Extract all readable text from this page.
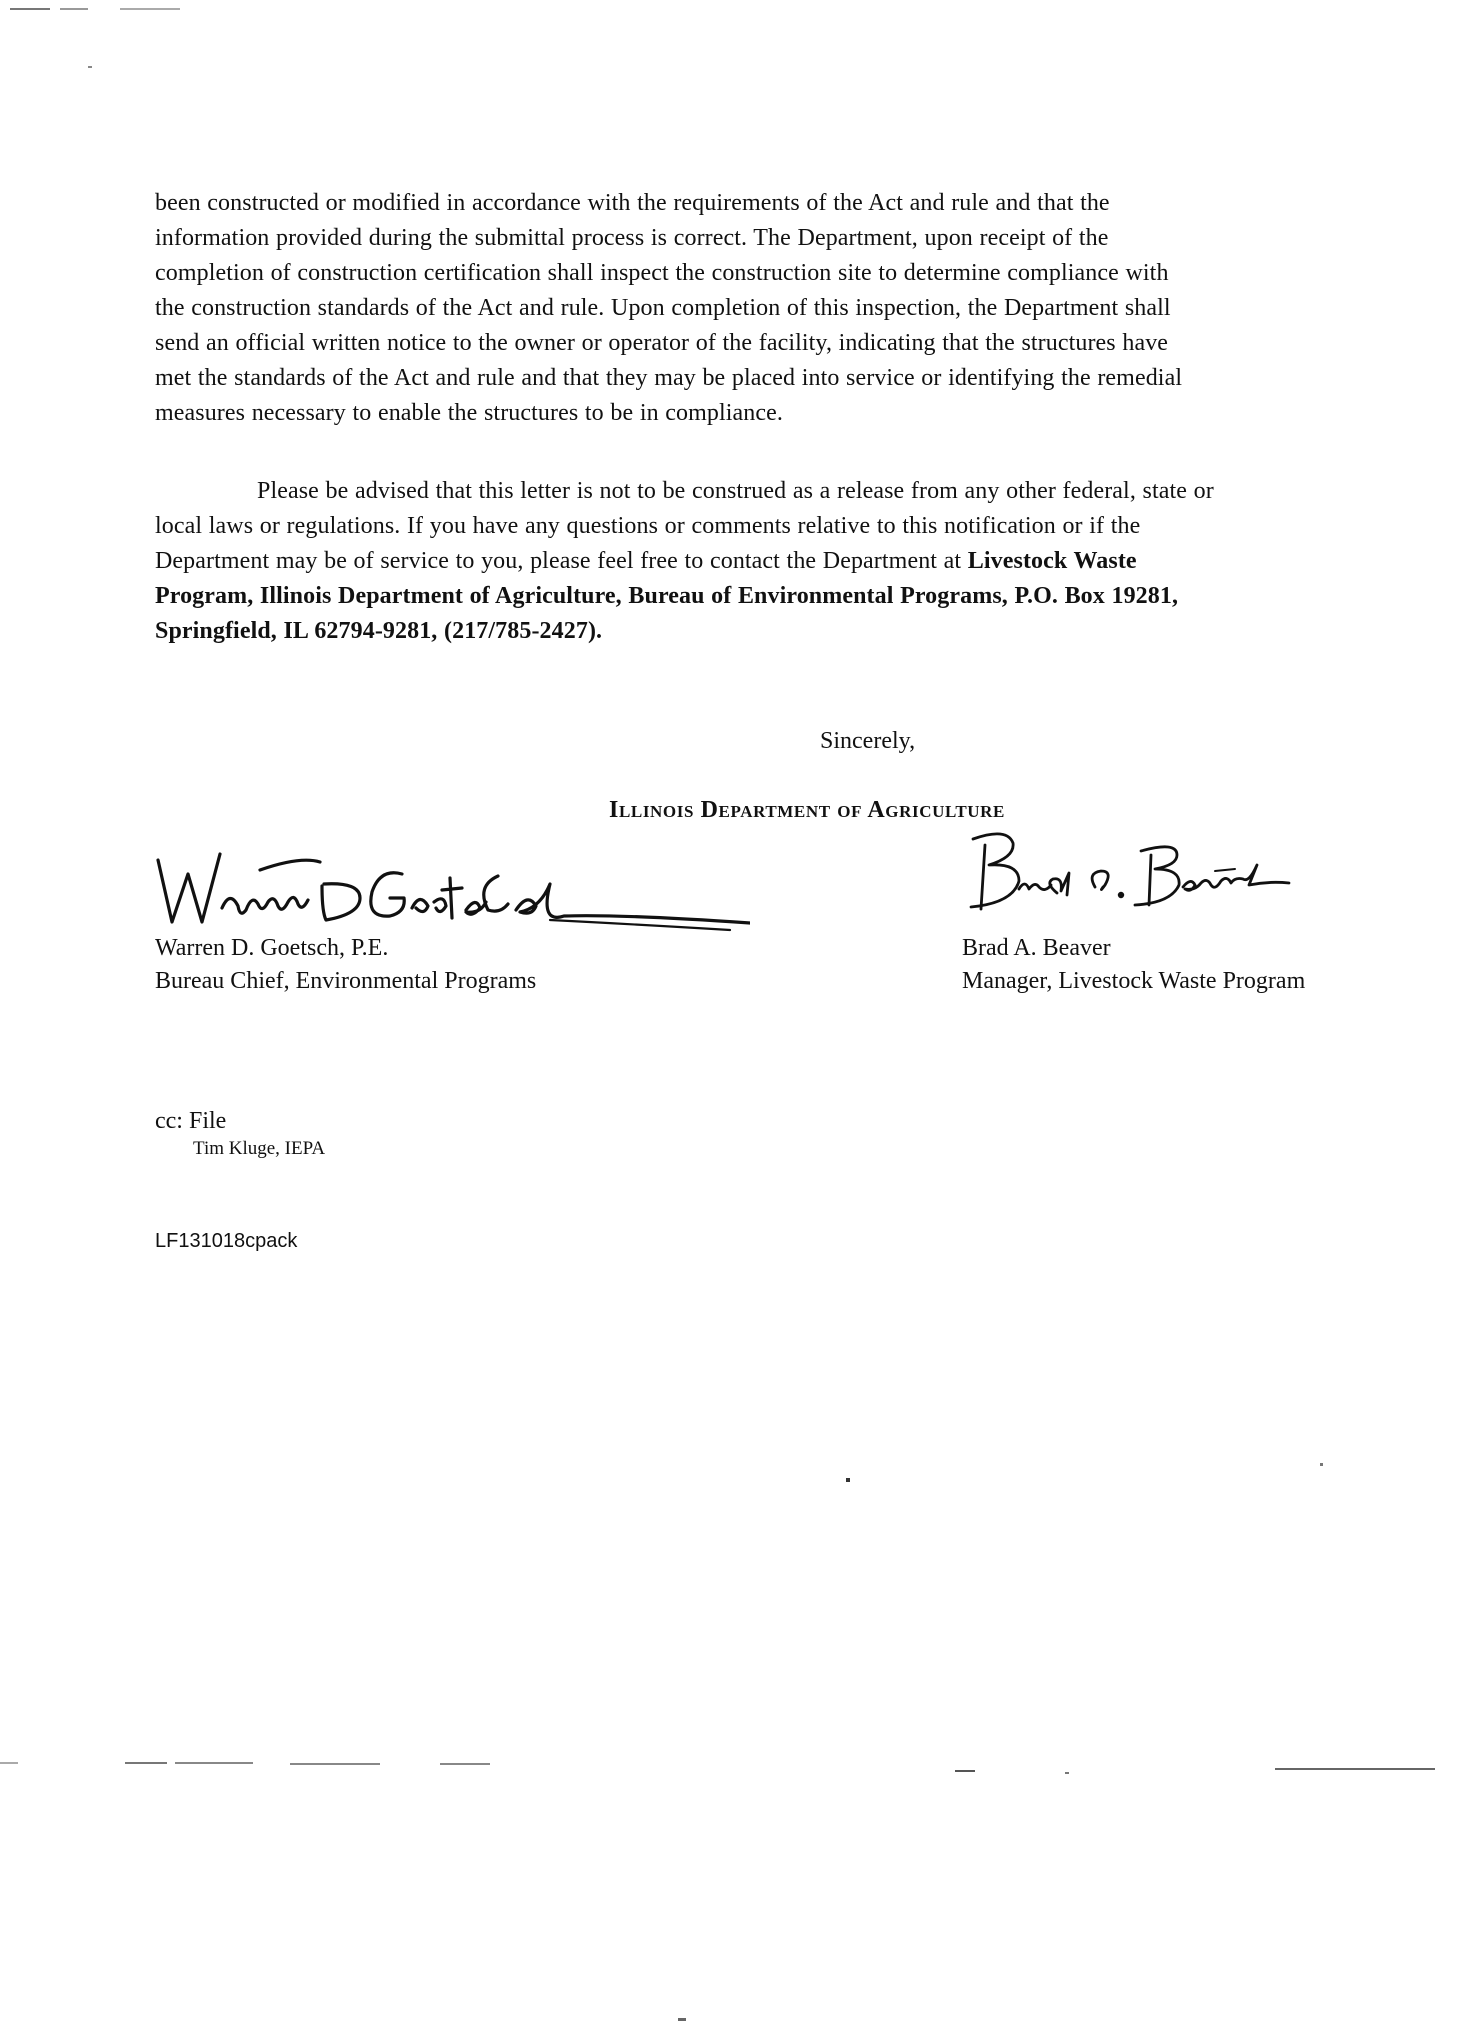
been constructed or modified in accordance with the requirements of the Act and rule and that the
information provided during the submittal process is correct. The Department, upon receipt of the
completion of construction certification shall inspect the construction site to determine compliance with
the construction standards of the Act and rule. Upon completion of this inspection, the Department shall
send an official written notice to the owner or operator of the facility, indicating that the structures have
met the standards of the Act and rule and that they may be placed into service or identifying the remedial
measures necessary to enable the structures to be in compliance.
Please be advised that this letter is not to be construed as a release from any other federal, state or
local laws or regulations. If you have any questions or comments relative to this notification or if the
Department may be of service to you, please feel free to contact the Department at Livestock Waste
Program, Illinois Department of Agriculture, Bureau of Environmental Programs, P.O. Box 19281,
Springfield, IL 62794-9281, (217/785-2427).

Sincerely,

Illinois Department of Agriculture

Warren D. Goetsch, P.E.
Bureau Chief, Environmental Programs
Brad A. Beaver
Manager, Livestock Waste Program
cc: File
Tim Kluge, IEPA

LF131018cpack
